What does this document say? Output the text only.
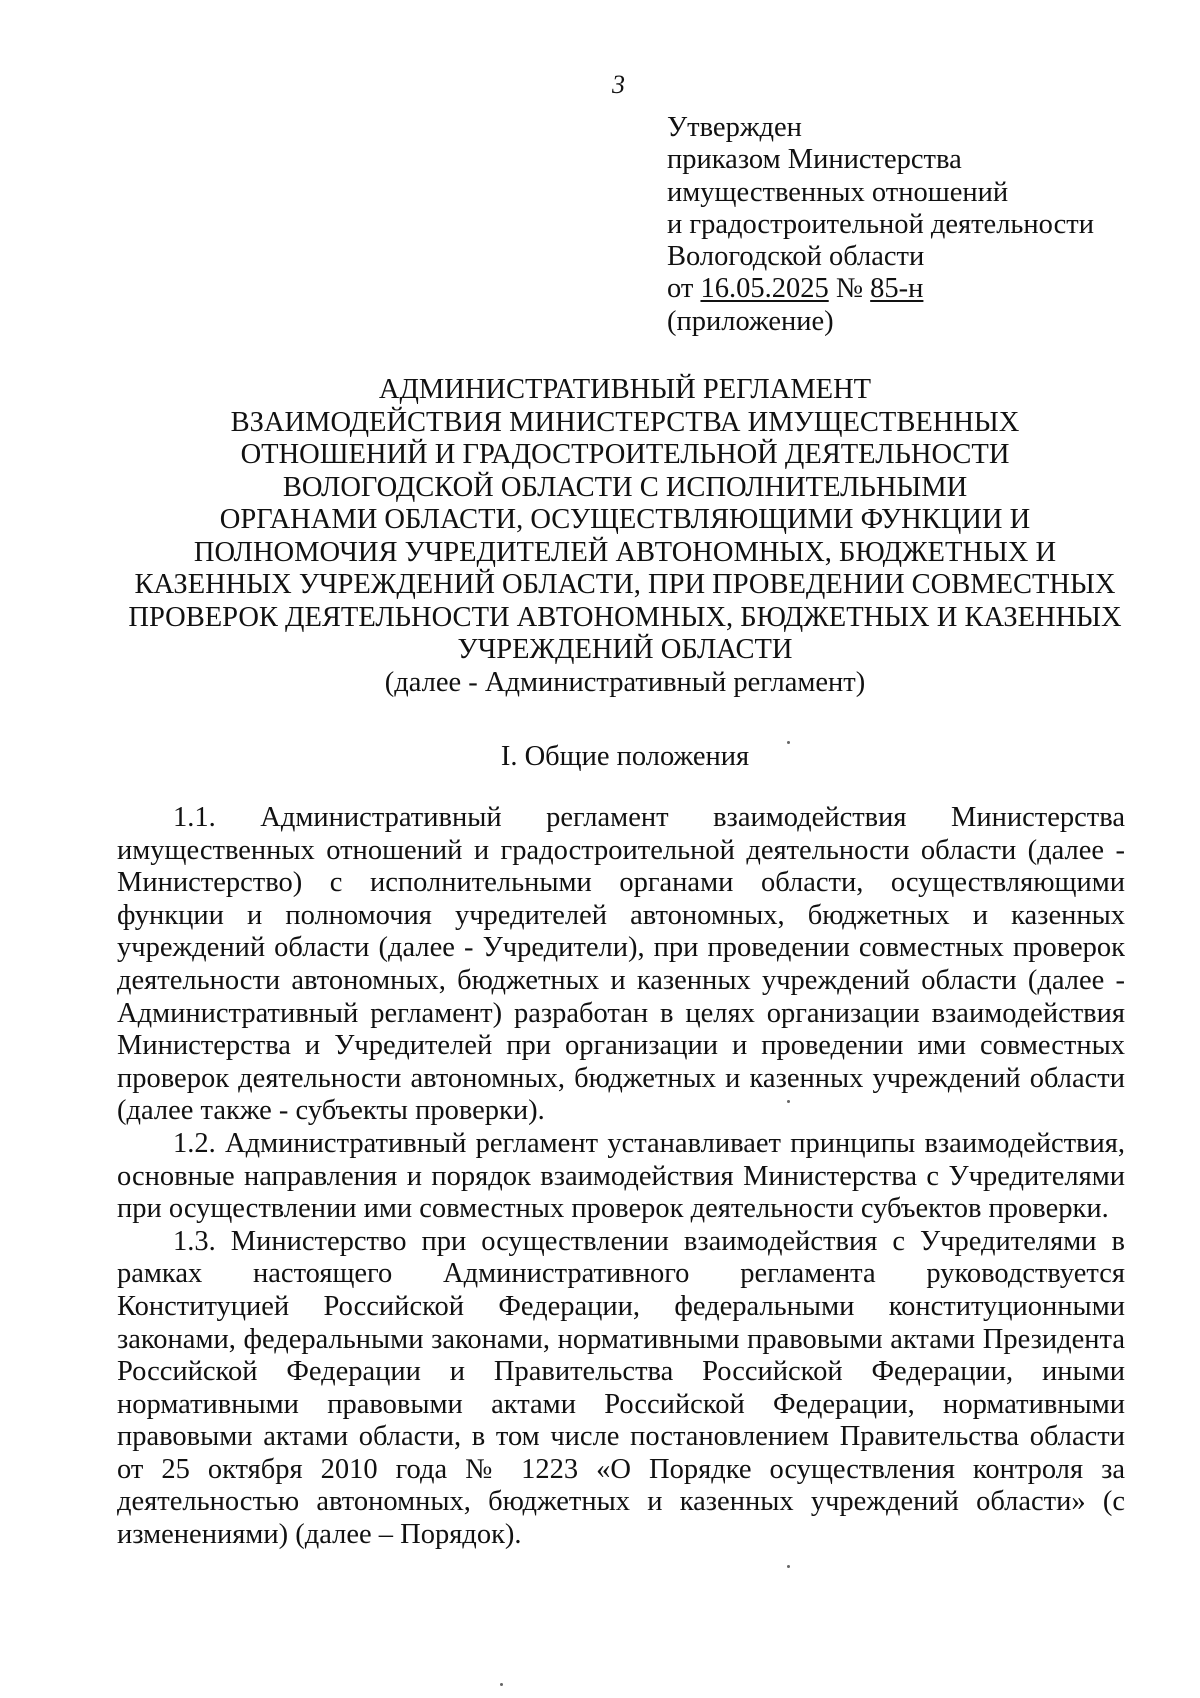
3
Утвержден
приказом Министерства
имущественных отношений
и градостроительной деятельности
Вологодской области
от 16.05.2025 № 85-н
(приложение)
АДМИНИСТРАТИВНЫЙ РЕГЛАМЕНТ
ВЗАИМОДЕЙСТВИЯ МИНИСТЕРСТВА ИМУЩЕСТВЕННЫХ
ОТНОШЕНИЙ И ГРАДОСТРОИТЕЛЬНОЙ ДЕЯТЕЛЬНОСТИ
ВОЛОГОДСКОЙ ОБЛАСТИ С ИСПОЛНИТЕЛЬНЫМИ
ОРГАНАМИ ОБЛАСТИ, ОСУЩЕСТВЛЯЮЩИМИ ФУНКЦИИ И
ПОЛНОМОЧИЯ УЧРЕДИТЕЛЕЙ АВТОНОМНЫХ, БЮДЖЕТНЫХ И
КАЗЕННЫХ УЧРЕЖДЕНИЙ ОБЛАСТИ, ПРИ ПРОВЕДЕНИИ СОВМЕСТНЫХ
ПРОВЕРОК ДЕЯТЕЛЬНОСТИ АВТОНОМНЫХ, БЮДЖЕТНЫХ И КАЗЕННЫХ
УЧРЕЖДЕНИЙ ОБЛАСТИ
(далее - Административный регламент)
I. Общие положения

1.1. Административный регламент взаимодействия Министерства
имущественных отношений и градостроительной деятельности области (далее -
Министерство) с исполнительными органами области, осуществляющими
функции и полномочия учредителей автономных, бюджетных и казенных
учреждений области (далее - Учредители), при проведении совместных проверок
деятельности автономных, бюджетных и казенных учреждений области (далее -
Административный регламент) разработан в целях организации взаимодействия
Министерства и Учредителей при организации и проведении ими совместных
проверок деятельности автономных, бюджетных и казенных учреждений области
(далее также - субъекты проверки).

1.2. Административный регламент устанавливает принципы взаимодействия,
основные направления и порядок взаимодействия Министерства с Учредителями
при осуществлении ими совместных проверок деятельности субъектов проверки.

1.3. Министерство при осуществлении взаимодействия с Учредителями в
рамках настоящего Административного регламента руководствуется
Конституцией Российской Федерации, федеральными конституционными
законами, федеральными законами, нормативными правовыми актами Президента
Российской Федерации и Правительства Российской Федерации, иными
нормативными правовыми актами Российской Федерации, нормативными
правовыми актами области, в том числе постановлением Правительства области
от 25 октября 2010 года № 1223 «О Порядке осуществления контроля за
деятельностью автономных, бюджетных и казенных учреждений области» (с
изменениями) (далее – Порядок).
